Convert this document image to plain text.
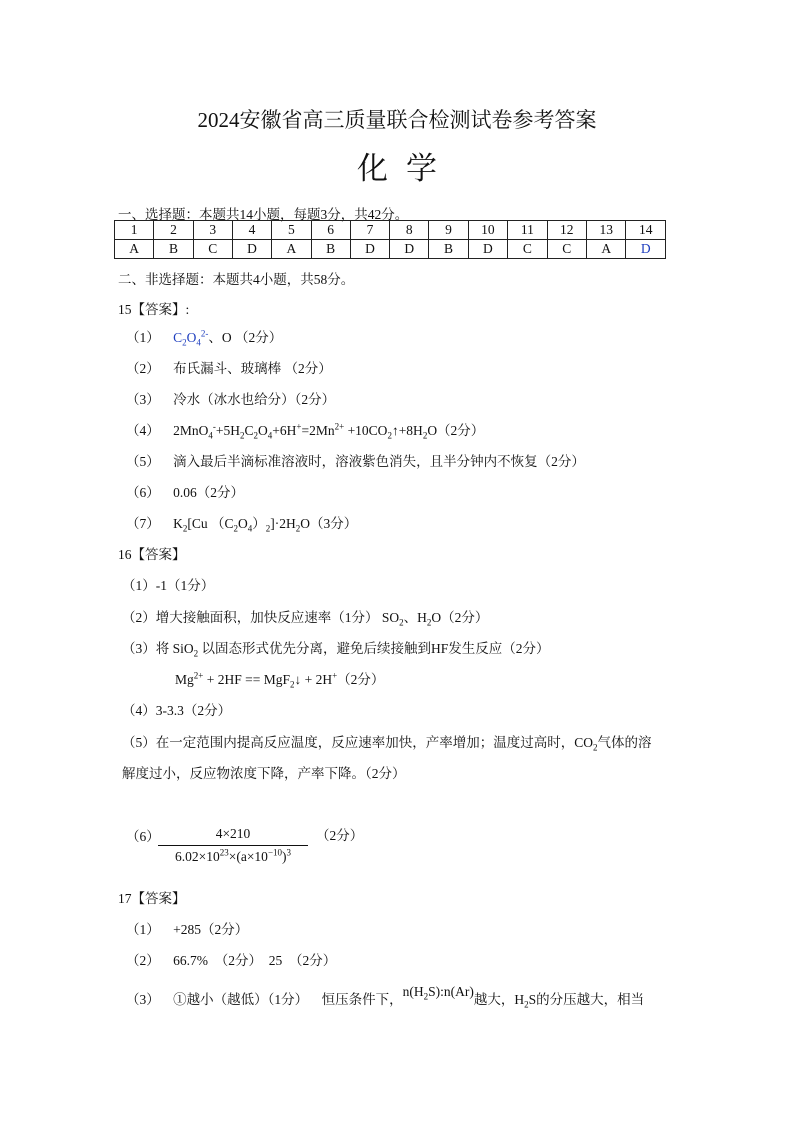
2024安徽省高三质量联合检测试卷参考答案
化学
一、选择题：本题共14小题，每题3分，共42分。
1	2	3	4	5	6	7	8	9	10	11	12	13	14
A	B	C	D	A	B	D	D	B	D	C	C	A	D
二、非选择题：本题共4小题，共58分。
15【答案】:
（1） $C_2O_4^{2-}$、O （2分）
（2） 布氏漏斗、玻璃棒 （2分）
（3） 冷水（冰水也给分）（2分）
（4） $2MnO_4^-+5H_2C_2O_4+6H^+=2Mn^{2+}$ $+10CO_2↑+8H_2O(2$分）
（5） 滴入最后半滴标准溶液时，溶液紫色消失，且半分钟内不恢复（2分）
（6） 0.06（2分）
（7） $K_2[Cu$ $(C_2O_4)_2]\cdot 2H_2O(3$分）
16【答案】
（1）-1（1分）
（2）增大接触面积，加快反应速率（1分） $SO_2$、$H_2O(2$分）
（3）将 SiO$_2$ 以固态形式优先分离，避免后续接触到HF发生反应（2分）
$Mg^{2+} + 2HF$ == MgF$_2$↓ + 2H+（2分）
（4）3-3.3（2分）
（5）在一定范围内提高反应温度，反应速率加快，产率增加；温度过高时，$CO_2$气体的溶
解度过小，反应物浓度下降，产率下降。（2分）
（6）	4×210
$6.02\times 10^{23}\times(a\times 10^{-10})^3$
（2分）
17【答案】
（1） +285（2分）
（2） 66.7%  （2分）  25  （2分）
（3） ①越小（越低）（1分）    恒压条件下，$n(H_2S):n(Ar)$越大，$H_2S$的分压越大，相当
